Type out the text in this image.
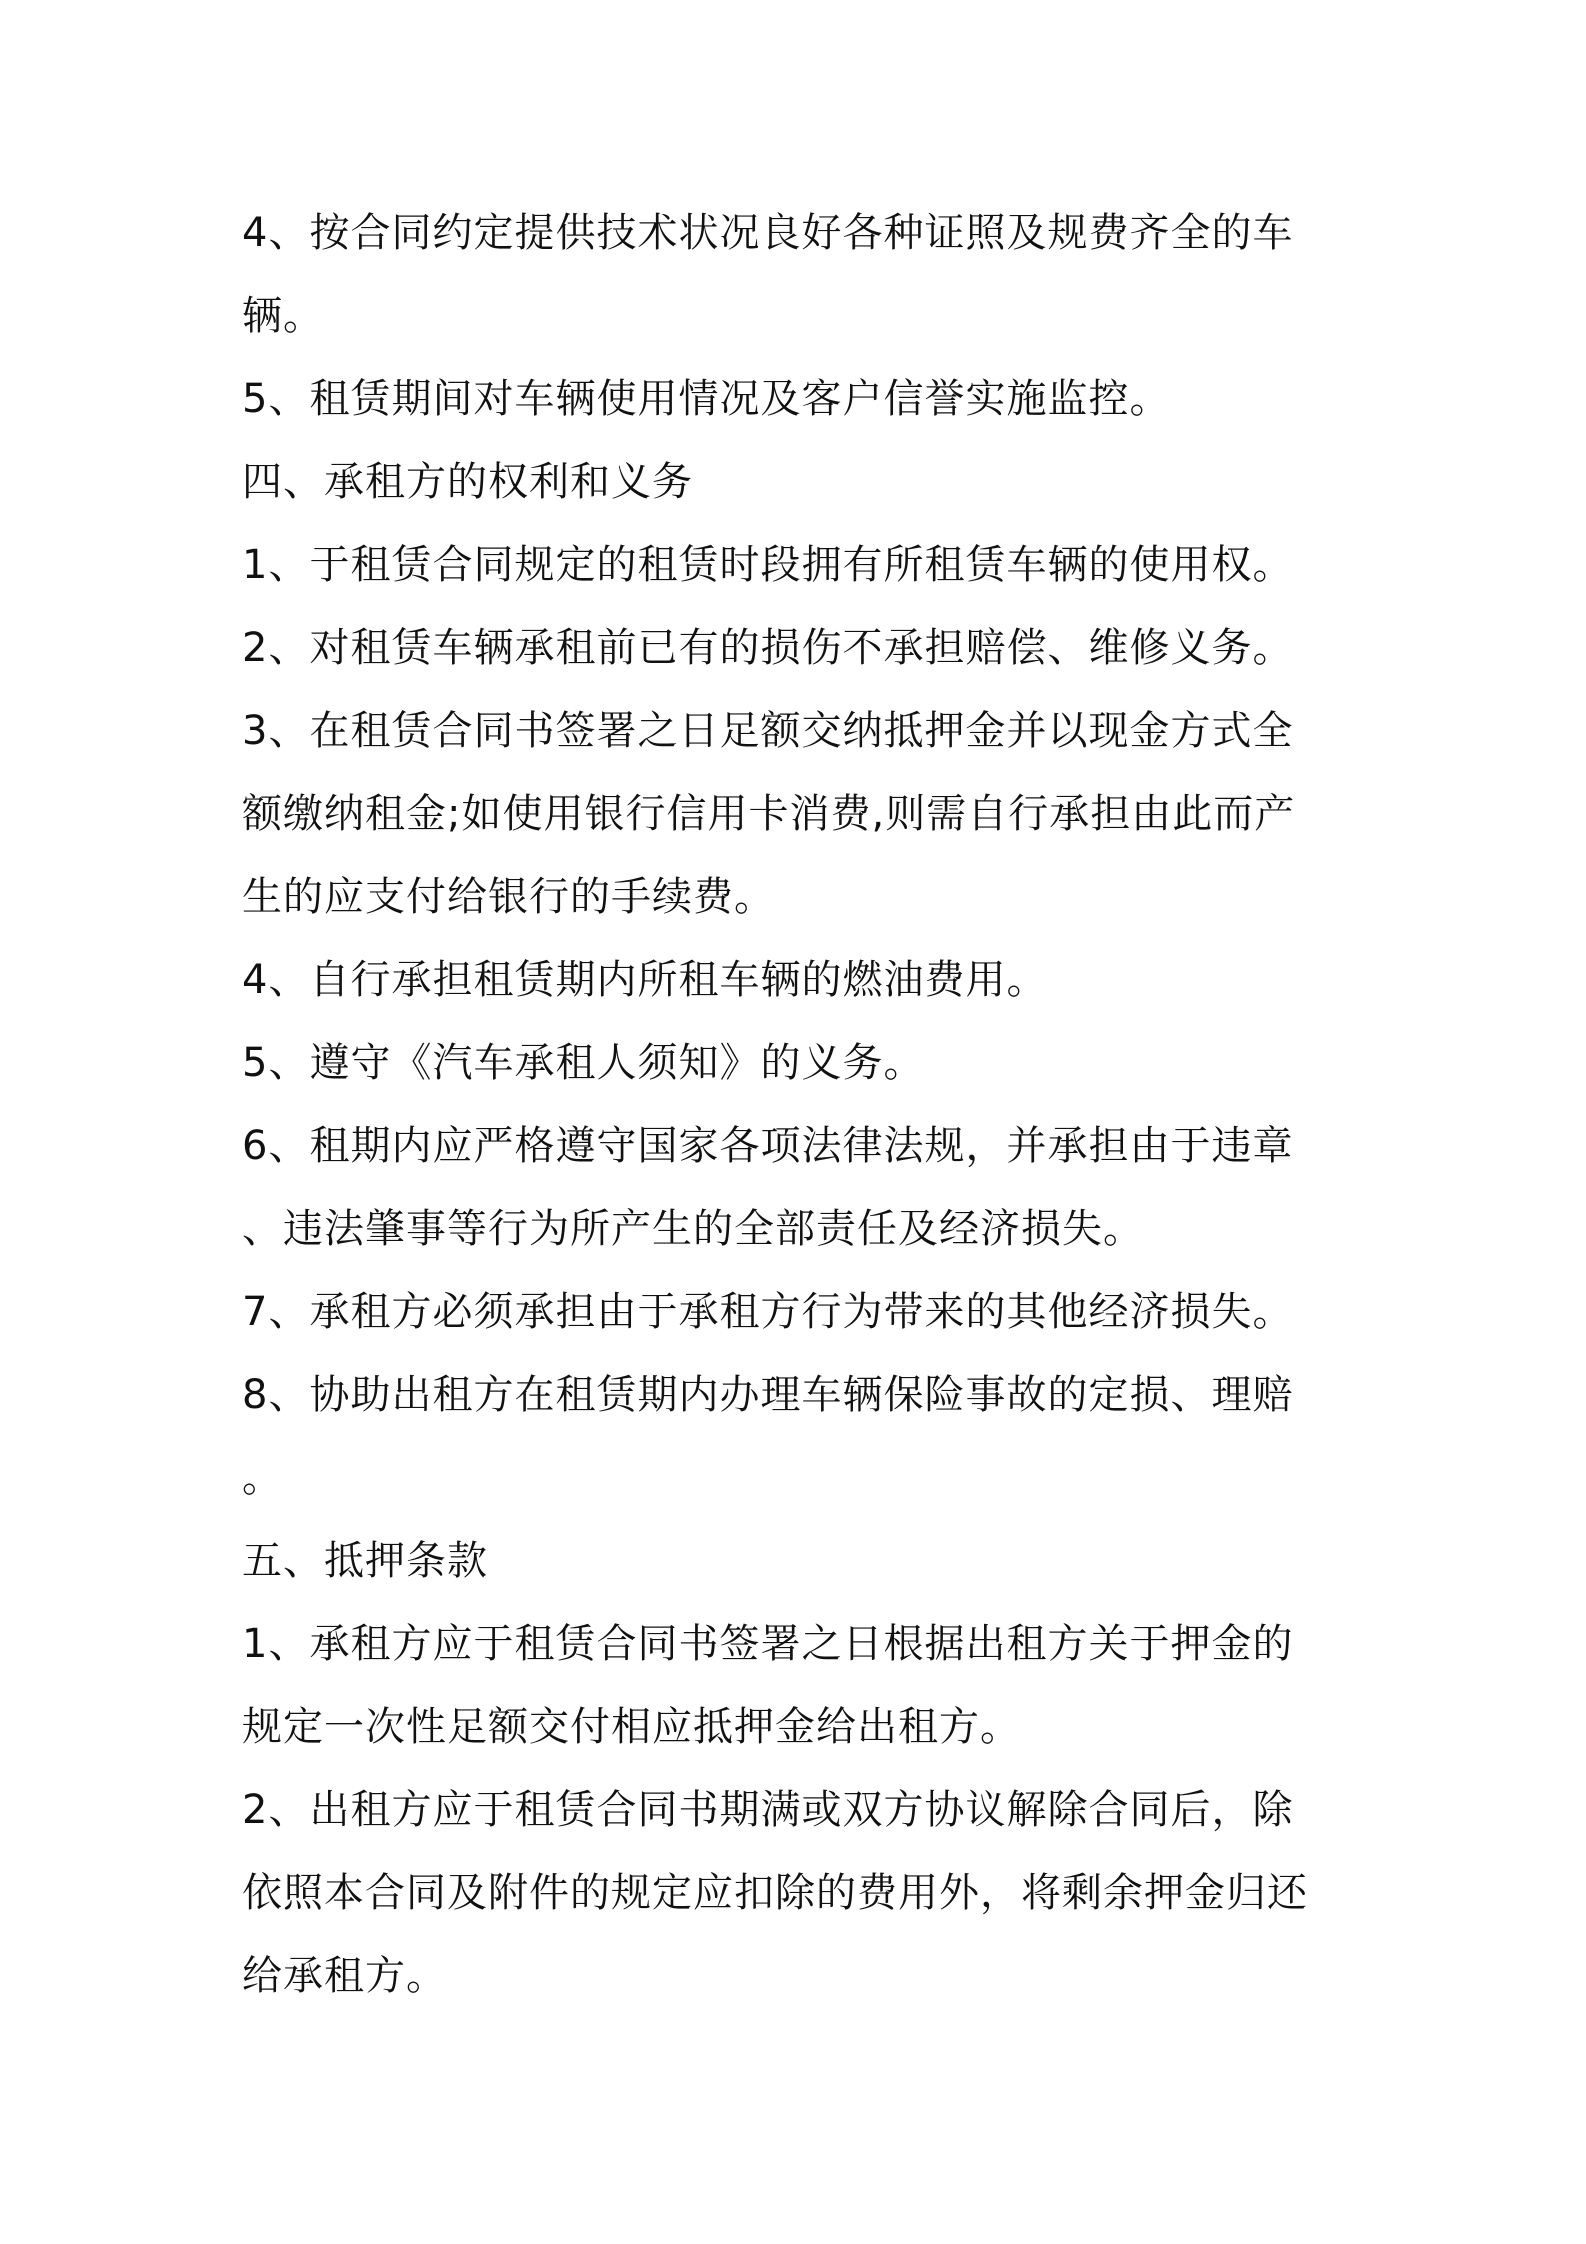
4、按合同约定提供技术状况良好各种证照及规费齐全的车

辆。

5、租赁期间对车辆使用情况及客户信誉实施监控。

四、承租方的权利和义务

1、于租赁合同规定的租赁时段拥有所租赁车辆的使用权。

2、对租赁车辆承租前已有的损伤不承担赔偿、维修义务。

3、在租赁合同书签署之日足额交纳抵押金并以现金方式全

额缴纳租金;如使用银行信用卡消费,则需自行承担由此而产

生的应支付给银行的手续费。

4、自行承担租赁期内所租车辆的燃油费用。

5、遵守《汽车承租人须知》的义务。

6、租期内应严格遵守国家各项法律法规，并承担由于违章

、违法肇事等行为所产生的全部责任及经济损失。

7、承租方必须承担由于承租方行为带来的其他经济损失。

8、协助出租方在租赁期内办理车辆保险事故的定损、理赔

。

五、抵押条款

1、承租方应于租赁合同书签署之日根据出租方关于押金的

规定一次性足额交付相应抵押金给出租方。

2、出租方应于租赁合同书期满或双方协议解除合同后，除

依照本合同及附件的规定应扣除的费用外，将剩余押金归还

给承租方。
